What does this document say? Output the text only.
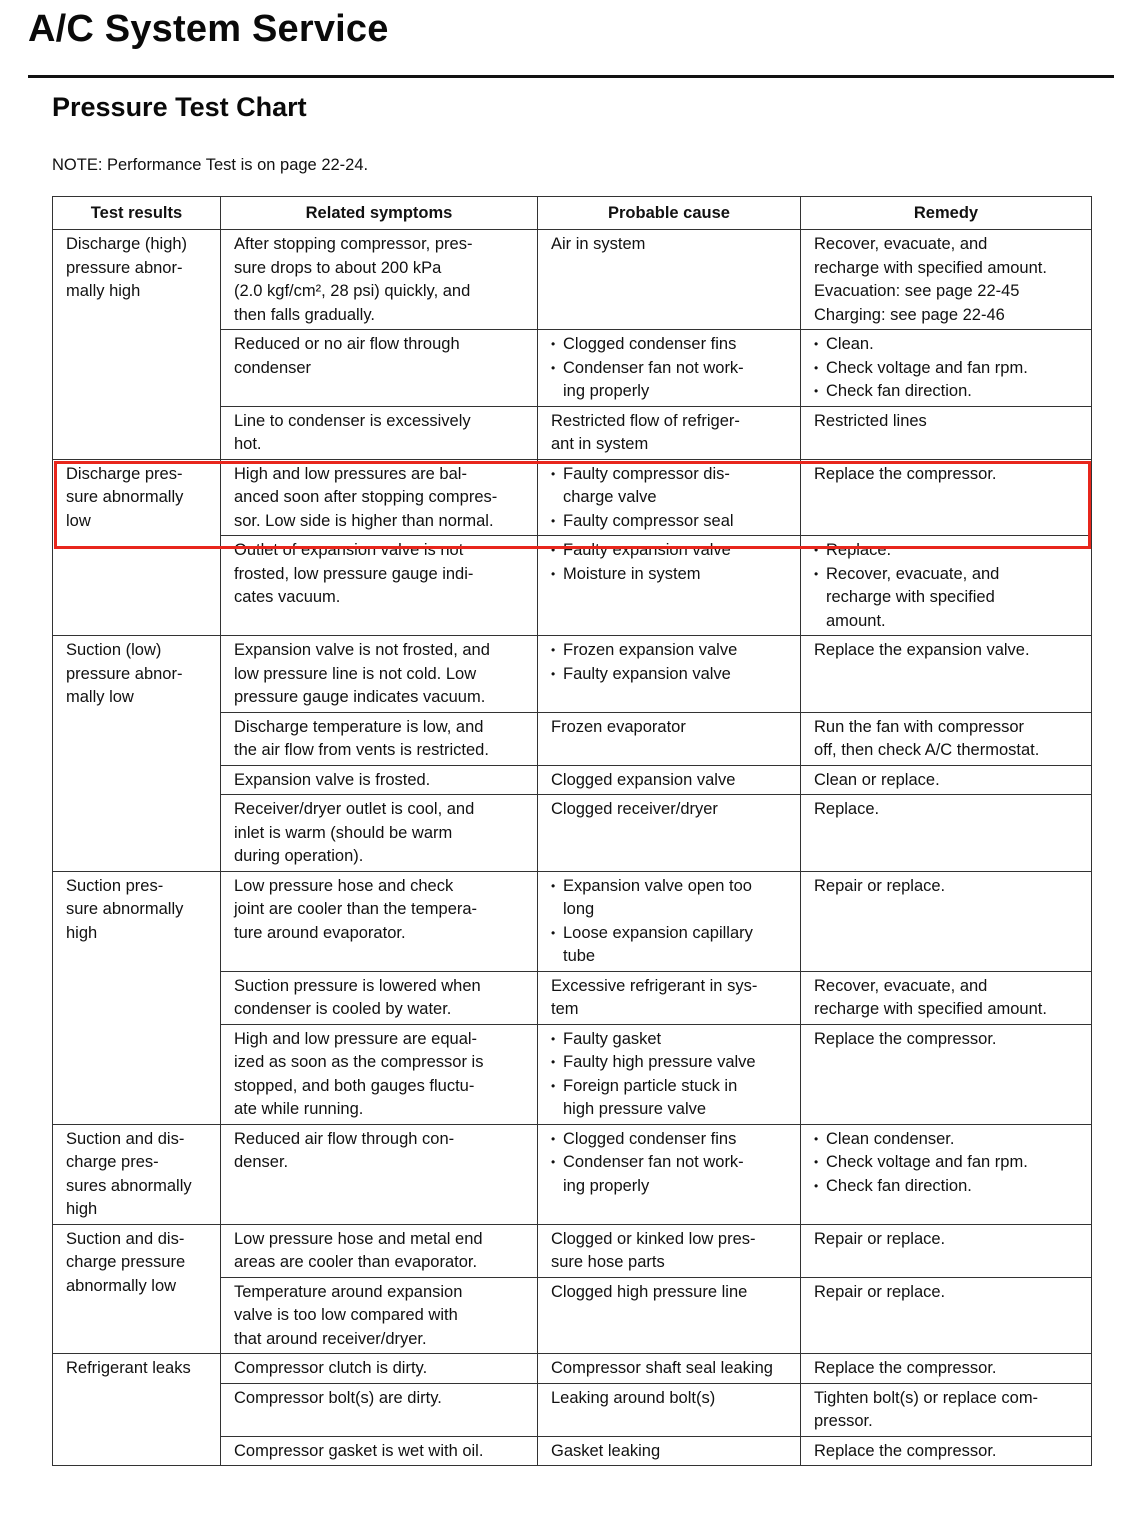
A/C System Service
Pressure Test Chart
NOTE: Performance Test is on page 22-24.
Test results	Related symptoms	Probable cause	Remedy
Discharge (high)
pressure abnor-
mally high	After stopping compressor, pres-
sure drops to about 200 kPa
(2.0 kgf/cm², 28 psi) quickly, and
then falls gradually.	Air in system	Recover, evacuate, and
recharge with specified amount.
Evacuation: see page 22-45
Charging: see page 22-46

	Reduced or no air flow through
condenser	• Clogged condenser fins
• Condenser fan not work-
ing properly	• Clean.
• Check voltage and fan rpm.
• Check fan direction.

	Line to condenser is excessively
hot.	Restricted flow of refriger-
ant in system	Restricted lines

Discharge pres-
sure abnormally
low	High and low pressures are bal-
anced soon after stopping compres-
sor. Low side is higher than normal.	• Faulty compressor dis-
charge valve
• Faulty compressor seal	Replace the compressor.

	Outlet of expansion valve is not
frosted, low pressure gauge indi-
cates vacuum.	• Faulty expansion valve
• Moisture in system	• Replace.
• Recover, evacuate, and
recharge with specified
amount.

Suction (low)
pressure abnor-
mally low	Expansion valve is not frosted, and
low pressure line is not cold. Low
pressure gauge indicates vacuum.	• Frozen expansion valve
• Faulty expansion valve	Replace the expansion valve.

	Discharge temperature is low, and
the air flow from vents is restricted.	Frozen evaporator	Run the fan with compressor
off, then check A/C thermostat.

	Expansion valve is frosted.	Clogged expansion valve	Clean or replace.

	Receiver/dryer outlet is cool, and
inlet is warm (should be warm
during operation).	Clogged receiver/dryer	Replace.

Suction pres-
sure abnormally
high	Low pressure hose and check
joint are cooler than the tempera-
ture around evaporator.	• Expansion valve open too
long
• Loose expansion capillary
tube	Repair or replace.

	Suction pressure is lowered when
condenser is cooled by water.	Excessive refrigerant in sys-
tem	Recover, evacuate, and
recharge with specified amount.

	High and low pressure are equal-
ized as soon as the compressor is
stopped, and both gauges fluctu-
ate while running.	• Faulty gasket
• Faulty high pressure valve
• Foreign particle stuck in
high pressure valve	Replace the compressor.

Suction and dis-
charge pres-
sures abnormally
high	Reduced air flow through con-
denser.	• Clogged condenser fins
• Condenser fan not work-
ing properly	• Clean condenser.
• Check voltage and fan rpm.
• Check fan direction.

Suction and dis-
charge pressure
abnormally low	Low pressure hose and metal end
areas are cooler than evaporator.	Clogged or kinked low pres-
sure hose parts	Repair or replace.

	Temperature around expansion
valve is too low compared with
that around receiver/dryer.	Clogged high pressure line	Repair or replace.

Refrigerant leaks	Compressor clutch is dirty.	Compressor shaft seal leaking	Replace the compressor.

	Compressor bolt(s) are dirty.	Leaking around bolt(s)	Tighten bolt(s) or replace com-
pressor.

	Compressor gasket is wet with oil.	Gasket leaking	Replace the compressor.
